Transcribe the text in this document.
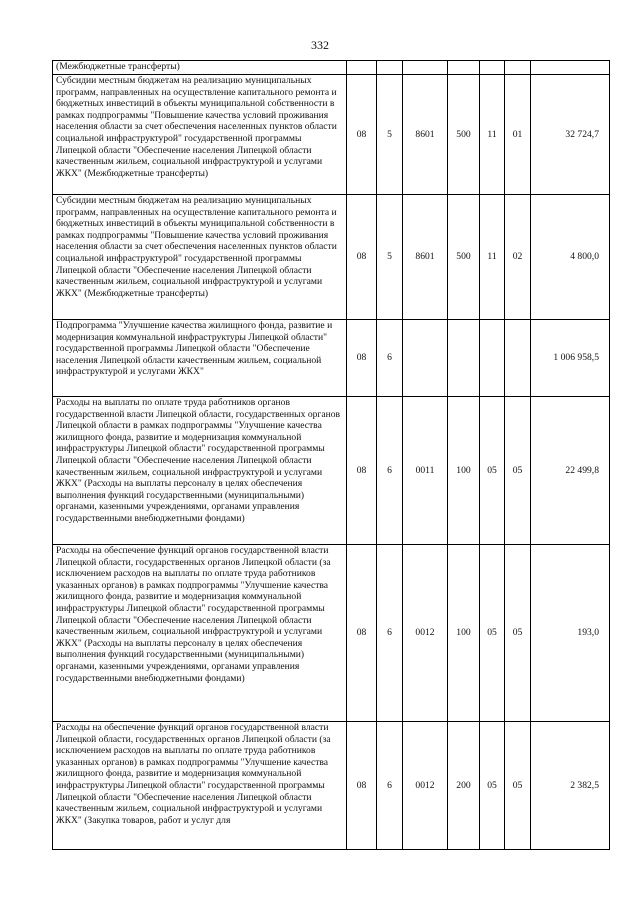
332
(Межбюджетные трансферты)							
Субсидии местным бюджетам на реализацию муниципальных программ, направленных на осуществление капитального ремонта и бюджетных инвестиций в объекты муниципальной собственности в рамках подпрограммы "Повышение качества условий проживания населения области за счет обеспечения населенных пунктов области социальной инфраструктурой" государственной программы Липецкой области "Обеспечение населения Липецкой области качественным жильем, социальной инфраструктурой и услугами ЖКХ" (Межбюджетные трансферты)	08	5	8601	500	11	01	32 724,7
Субсидии местным бюджетам на реализацию муниципальных программ, направленных на осуществление капитального ремонта и бюджетных инвестиций в объекты муниципальной собственности в рамках подпрограммы "Повышение качества условий проживания населения области за счет обеспечения населенных пунктов области социальной инфраструктурой" государственной программы Липецкой области "Обеспечение населения Липецкой области качественным жильем, социальной инфраструктурой и услугами ЖКХ" (Межбюджетные трансферты)	08	5	8601	500	11	02	4 800,0
Подпрограмма "Улучшение качества жилищного фонда, развитие и модернизация коммунальной инфраструктуры Липецкой области" государственной программы Липецкой области "Обеспечение населения Липецкой области качественным жильем, социальной инфраструктурой и услугами ЖКХ"	08	6					1 006 958,5
Расходы на выплаты по оплате труда работников органов государственной власти Липецкой области, государственных органов Липецкой области в рамках подпрограммы "Улучшение качества жилищного фонда, развитие и модернизация коммунальной инфраструктуры Липецкой области" государственной программы Липецкой области "Обеспечение населения Липецкой области качественным жильем, социальной инфраструктурой и услугами ЖКХ" (Расходы на выплаты персоналу в целях обеспечения выполнения функций государственными (муниципальными) органами, казенными учреждениями, органами управления государственными внебюджетными фондами)	08	6	0011	100	05	05	22 499,8
Расходы на обеспечение функций органов государственной власти Липецкой области, государственных органов Липецкой области (за исключением расходов на выплаты по оплате труда работников указанных органов) в рамках подпрограммы "Улучшение качества жилищного фонда, развитие и модернизация коммунальной инфраструктуры Липецкой области" государственной программы Липецкой области "Обеспечение населения Липецкой области качественным жильем, социальной инфраструктурой и услугами ЖКХ" (Расходы на выплаты персоналу в целях обеспечения выполнения функций государственными (муниципальными) органами, казенными учреждениями, органами управления государственными внебюджетными фондами)	08	6	0012	100	05	05	193,0
Расходы на обеспечение функций органов государственной власти Липецкой области, государственных органов Липецкой области (за исключением расходов на выплаты по оплате труда работников указанных органов) в рамках подпрограммы "Улучшение качества жилищного фонда, развитие и модернизация коммунальной инфраструктуры Липецкой области" государственной программы Липецкой области "Обеспечение населения Липецкой области качественным жильем, социальной инфраструктурой и услугами ЖКХ" (Закупка товаров, работ и услуг для	08	6	0012	200	05	05	2 382,5
